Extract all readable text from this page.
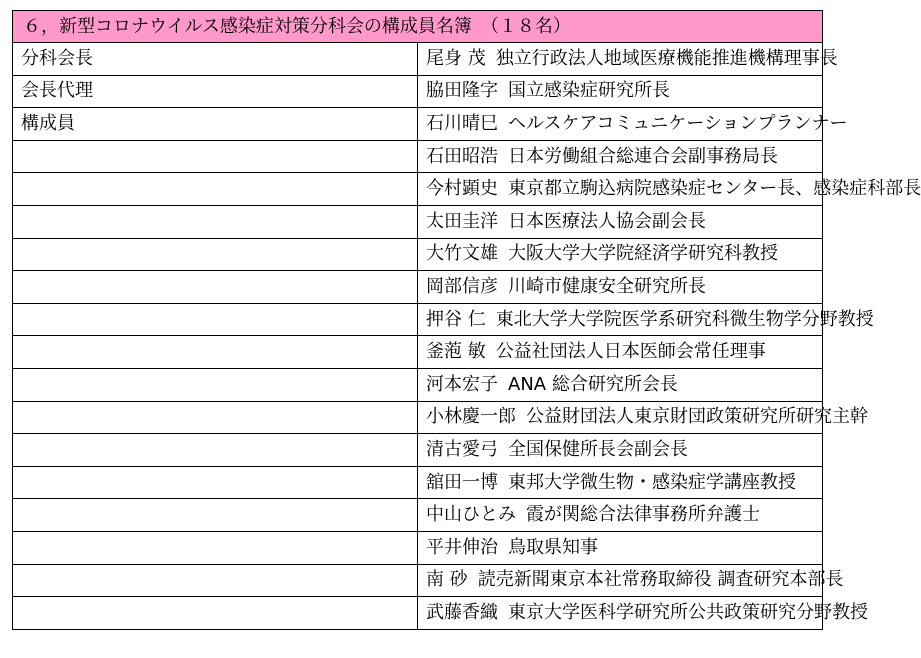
６，新型コロナウイルス感染症対策分科会の構成員名簿　（１８名）	
分科会長	尾身 茂 独立行政法人地域医療機能推進機構理事長
会長代理	脇田隆字 国立感染症研究所長
構成員	石川晴巳 ヘルスケアコミュニケーションプランナー
	石田昭浩 日本労働組合総連合会副事務局長
	今村顕史 東京都立駒込病院感染症センター長、感染症科部長
	太田圭洋 日本医療法人協会副会長
	大竹文雄 大阪大学大学院経済学研究科教授
	岡部信彦 川崎市健康安全研究所長
	押谷 仁 東北大学大学院医学系研究科微生物学分野教授
	釜萢 敏 公益社団法人日本医師会常任理事
	河本宏子 ANA 総合研究所会長
	小林慶一郎 公益財団法人東京財団政策研究所研究主幹
	清古愛弓 全国保健所長会副会長
	舘田一博 東邦大学微生物・感染症学講座教授
	中山ひとみ 霞が関総合法律事務所弁護士
	平井伸治 鳥取県知事
	南 砂 読売新聞東京本社常務取締役 調査研究本部長
	武藤香織 東京大学医科学研究所公共政策研究分野教授
